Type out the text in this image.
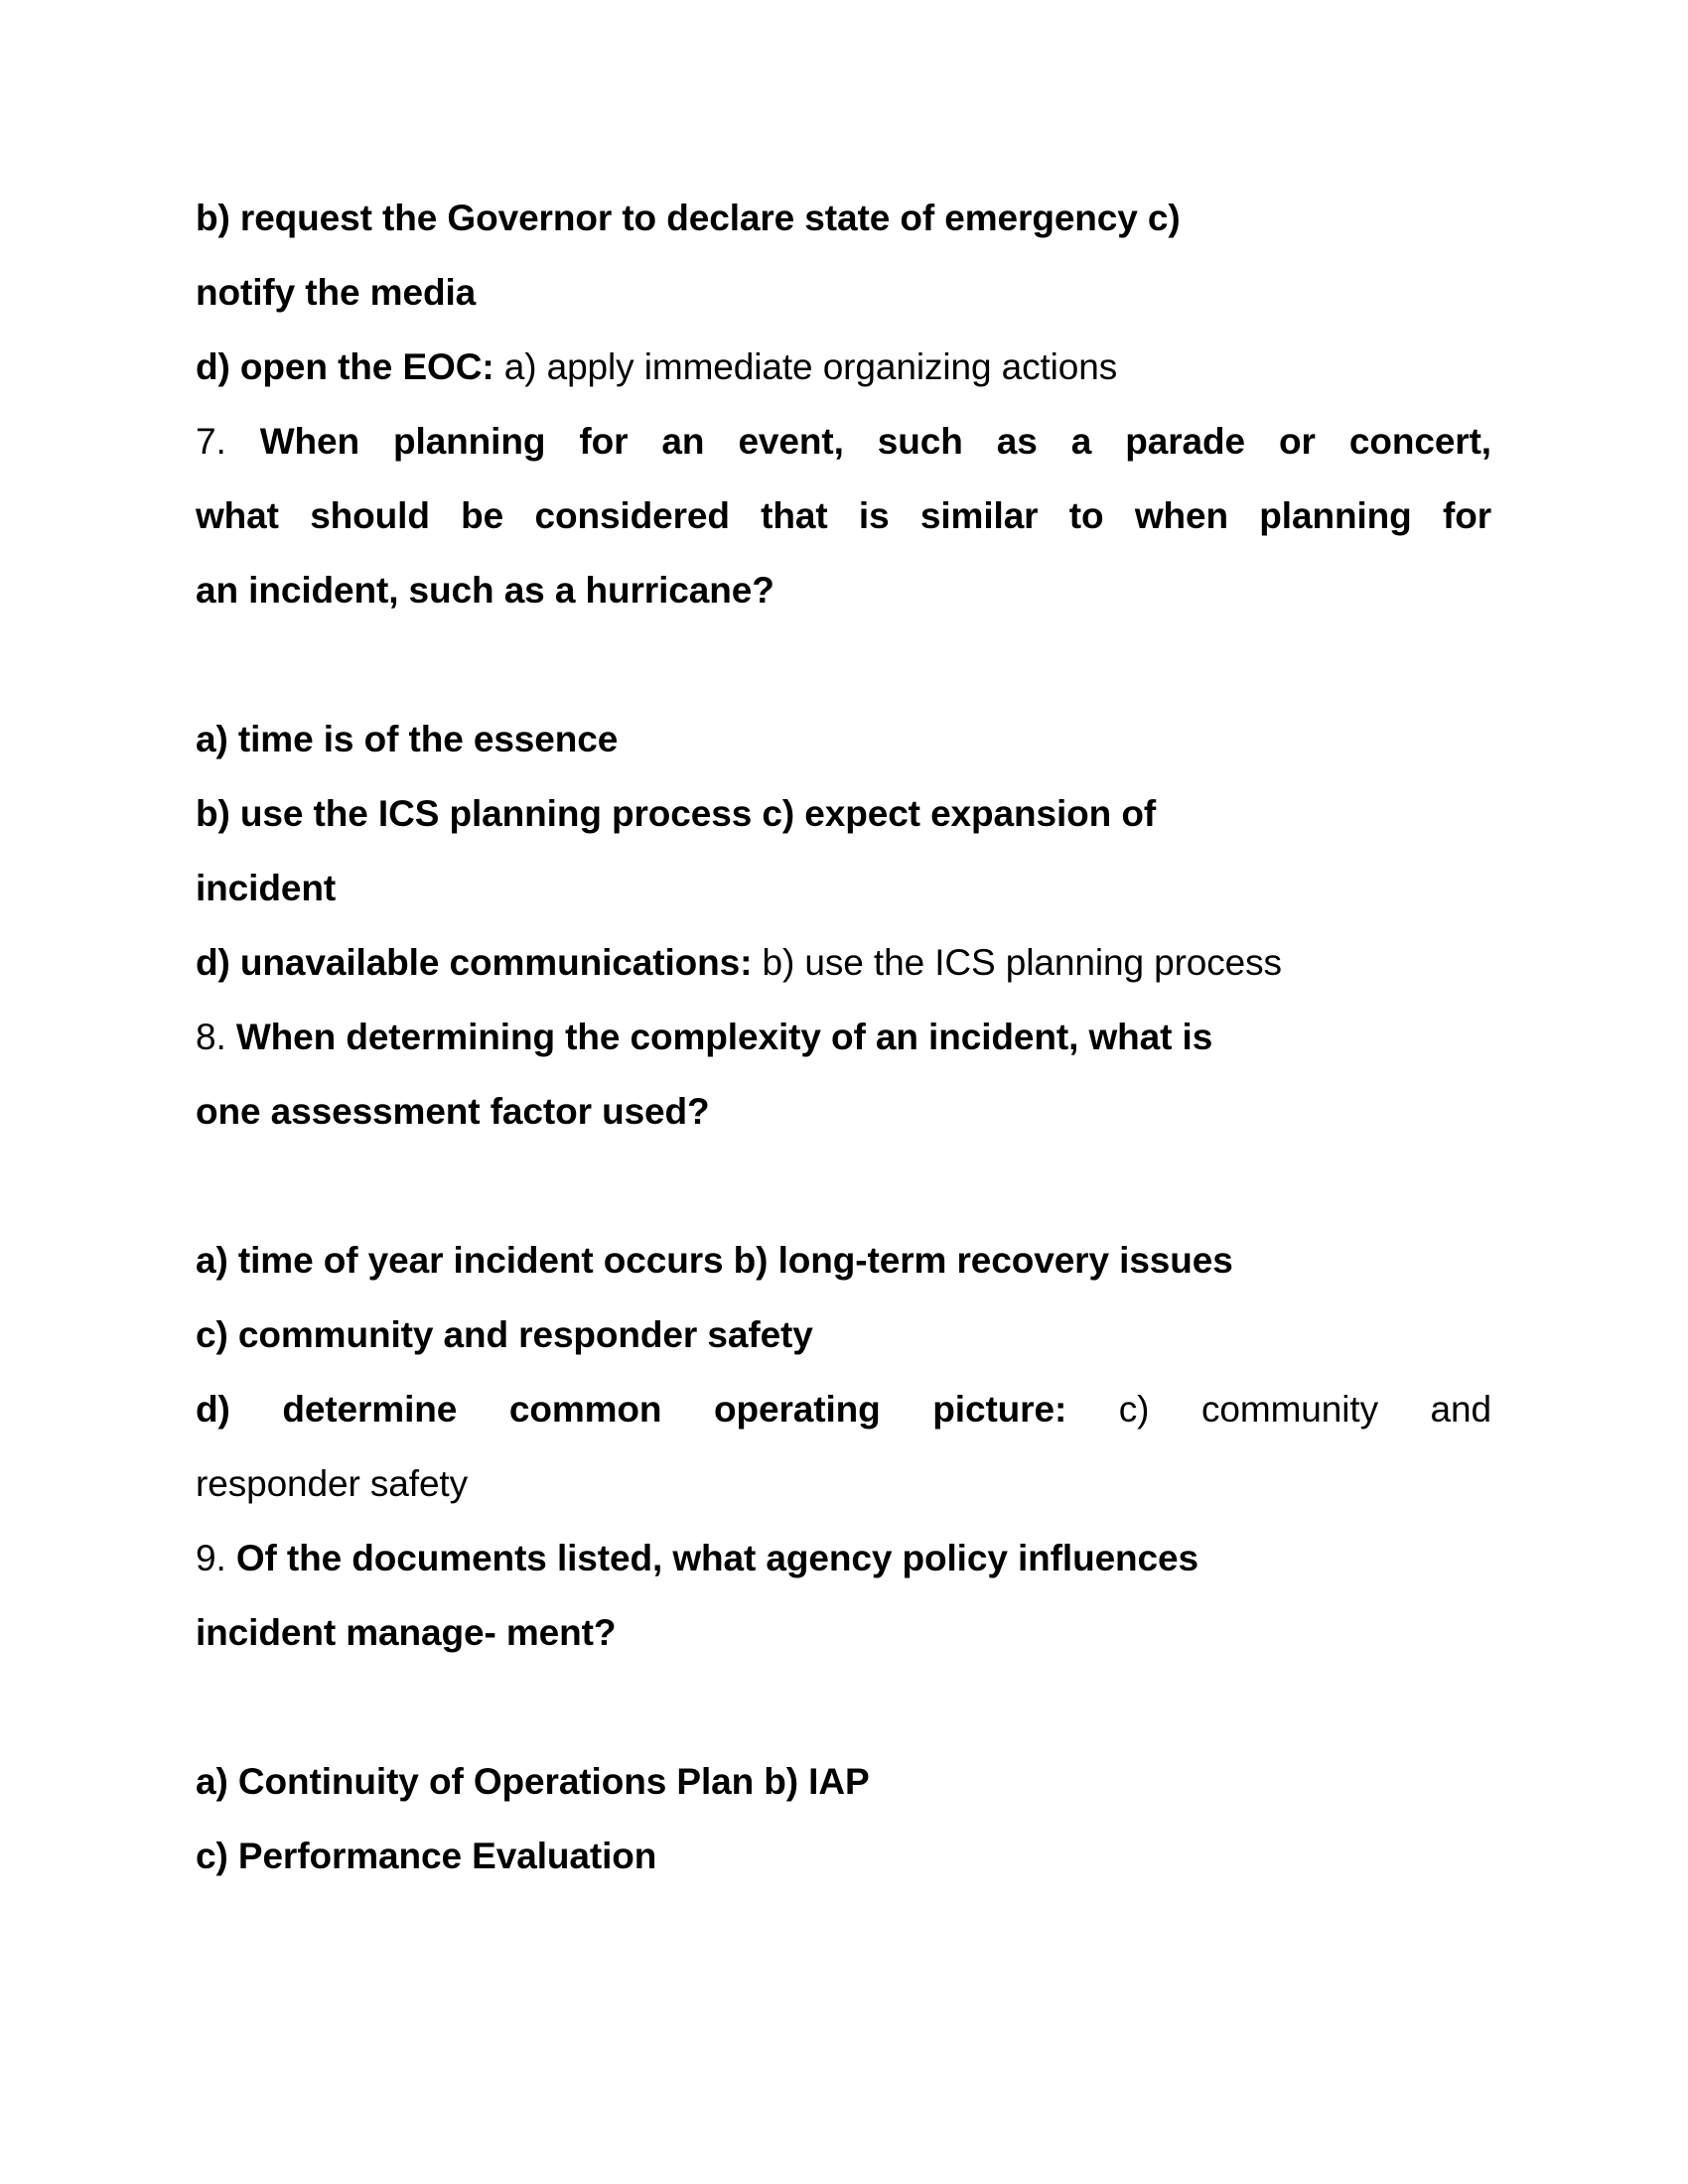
b) request the Governor to declare state of emergency c)
notify the media
d) open the EOC: a) apply immediate organizing actions
7. When planning for an event, such as a parade or concert,
what should be considered that is similar to when planning for
an incident, such as a hurricane?
a) time is of the essence
b) use the ICS planning process c) expect expansion of
incident
d) unavailable communications: b) use the ICS planning process
8. When determining the complexity of an incident, what is
one assessment factor used?
a) time of year incident occurs b) long-term recovery issues
c) community and responder safety
d) determine common operating picture: c) community and
responder safety
9. Of the documents listed, what agency policy influences
incident manage- ment?
a) Continuity of Operations Plan b) IAP
c) Performance Evaluation
